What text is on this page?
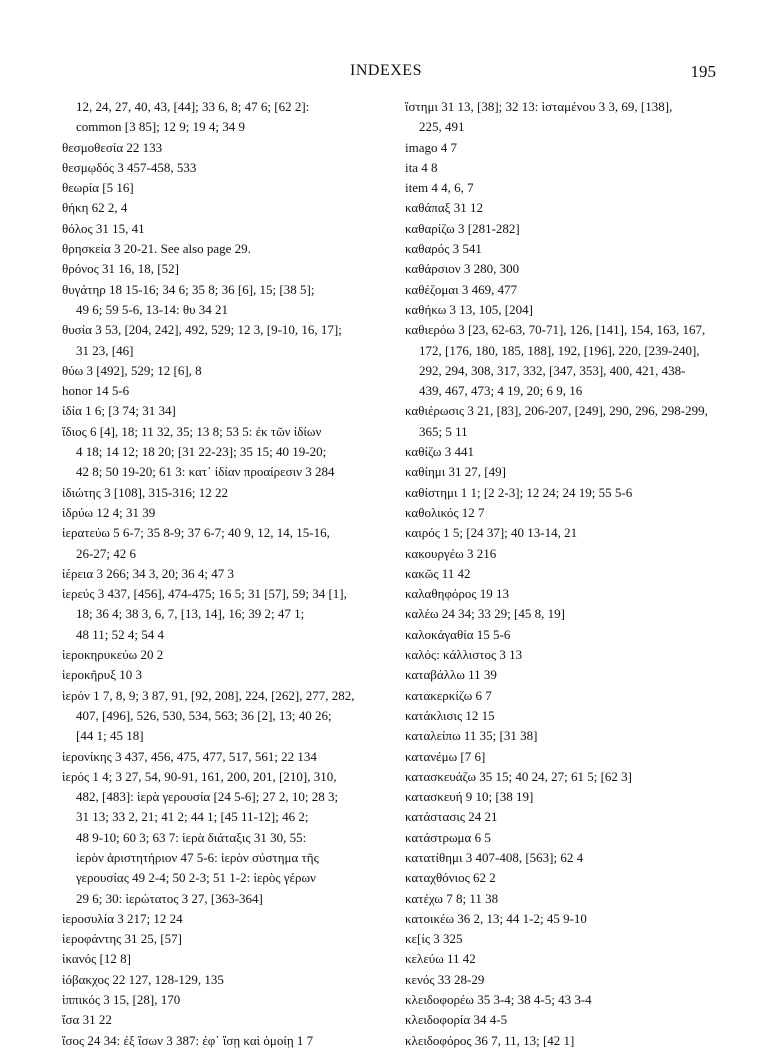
INDEXES	195
12, 24, 27, 40, 43, [44]; 33 6, 8; 47 6; [62 2]:
common [3 85]; 12 9; 19 4; 34 9
θεσμοθεσία 22 133
θεσμῳδός 3 457-458, 533
θεωρία [5 16]
θήκη 62 2, 4
θόλος 31 15, 41
θρησκεία 3 20-21. See also page 29.
θρόνος 31 16, 18, [52]
θυγάτηρ 18 15-16; 34 6; 35 8; 36 [6], 15; [38 5];
49 6; 59 5-6, 13-14: θυ 34 21
θυσία 3 53, [204, 242], 492, 529; 12 3, [9-10, 16, 17];
31 23, [46]
θύω 3 [492], 529; 12 [6], 8
honor 14 5-6
ἰδία 1 6; [3 74; 31 34]
ἴδιος 6 [4], 18; 11 32, 35; 13 8; 53 5: ἐκ τῶν ἰδίων
4 18; 14 12; 18 20; [31 22-23]; 35 15; 40 19-20;
42 8; 50 19-20; 61 3: κατ᾽ ἰδίαν προαίρεσιν 3 284
ἰδιώτης 3 [108], 315-316; 12 22
ἱδρύω 12 4; 31 39
ἱερατεύω 5 6-7; 35 8-9; 37 6-7; 40 9, 12, 14, 15-16,
26-27; 42 6
ἱέρεια 3 266; 34 3, 20; 36 4; 47 3
ἱερεύς 3 437, [456], 474-475; 16 5; 31 [57], 59; 34 [1],
18; 36 4; 38 3, 6, 7, [13, 14], 16; 39 2; 47 1;
48 11; 52 4; 54 4
ἱεροκηρυκεύω 20 2
ἱεροκῆρυξ 10 3
ἱερόν 1 7, 8, 9; 3 87, 91, [92, 208], 224, [262], 277, 282,
407, [496], 526, 530, 534, 563; 36 [2], 13; 40 26;
[44 1; 45 18]
ἱερονίκης 3 437, 456, 475, 477, 517, 561; 22 134
ἱερός 1 4; 3 27, 54, 90-91, 161, 200, 201, [210], 310,
482, [483]: ἱερὰ γερουσία [24 5-6]; 27 2, 10; 28 3;
31 13; 33 2, 21; 41 2; 44 1; [45 11-12]; 46 2;
48 9-10; 60 3; 63 7: ἱερὰ διάταξις 31 30, 55:
ἱερὸν ἀριστητήριον 47 5-6: ἱερὸν σύστημα τῆς
γερουσίας 49 2-4; 50 2-3; 51 1-2: ἱερὸς γέρων
29 6; 30: ἱερώτατος 3 27, [363-364]
ἱεροσυλία 3 217; 12 24
ἱεροφάντης 31 25, [57]
ἱκανός [12 8]
ἰόβακχος 22 127, 128-129, 135
ἱππικός 3 15, [28], 170
ἴσα 31 22
ἴσος 24 34: ἐξ ἴσων 3 387: ἐφ᾽ ἴσῃ καὶ ὁμοίῃ 1 7
ἵστημι 31 13, [38]; 32 13: ἱσταμένου 3 3, 69, [138],
225, 491
imago 4 7
ita 4 8
item 4 4, 6, 7
καθάπαξ 31 12
καθαρίζω 3 [281-282]
καθαρός 3 541
καθάρσιον 3 280, 300
καθέζομαι 3 469, 477
καθήκω 3 13, 105, [204]
καθιερόω 3 [23, 62-63, 70-71], 126, [141], 154, 163, 167,
172, [176, 180, 185, 188], 192, [196], 220, [239-240],
292, 294, 308, 317, 332, [347, 353], 400, 421, 438-
439, 467, 473; 4 19, 20; 6 9, 16
καθιέρωσις 3 21, [83], 206-207, [249], 290, 296, 298-299,
365; 5 11
καθίζω 3 441
καθίημι 31 27, [49]
καθίστημι 1 1; [2 2-3]; 12 24; 24 19; 55 5-6
καθολικός 12 7
καιρός 1 5; [24 37]; 40 13-14, 21
κακουργέω 3 216
κακῶς 11 42
καλαθηφόρος 19 13
καλέω 24 34; 33 29; [45 8, 19]
καλοκἀγαθία 15 5-6
καλός: κάλλιστος 3 13
καταβάλλω 11 39
κατακερκίζω 6 7
κατάκλισις 12 15
καταλείπω 11 35; [31 38]
κατανέμω [7 6]
κατασκευάζω 35 15; 40 24, 27; 61 5; [62 3]
κατασκευή 9 10; [38 19]
κατάστασις 24 21
κατάστρωμα 6 5
κατατίθημι 3 407-408, [563]; 62 4
καταχθόνιος 62 2
κατέχω 7 8; 11 38
κατοικέω 36 2, 13; 44 1-2; 45 9-10
κε[ίς 3 325
κελεύω 11 42
κενός 33 28-29
κλειδοφορέω 35 3-4; 38 4-5; 43 3-4
κλειδοφορία 34 4-5
κλειδοφόρος 36 7, 11, 13; [42 1]
